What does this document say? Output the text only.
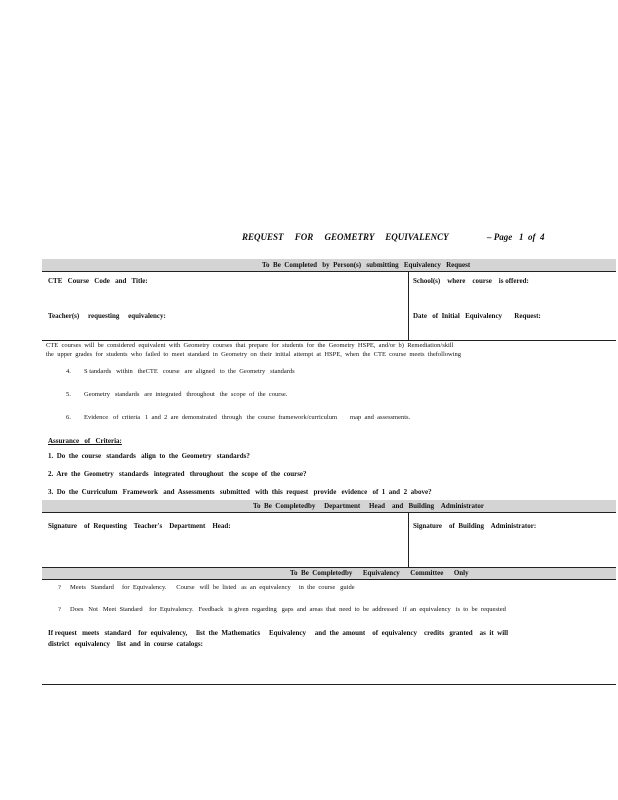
REQUEST     FOR     GEOMETRY     EQUIVALENCY	– Page   1  of  4
To  Be  Completed   by  Person(s)   submitting   Equivalency   Request
CTE   Course   Code   and   Title:	School(s)    where    course    is offered:
Teacher(s)     requesting     equivalency:	Date   of  Initial   Equivalency       Request:
CTE  courses  will  be  considered  equivalent  with  Geometry  courses  that  prepare  for  students  for  the  Geometry  HSPE,  and/or  b)  Remediation/skill
the  upper  grades  for  students  who  failed  to  meet  standard  in  Geometry  on  their  initial  attempt  at  HSPE,  when  the  CTE  course  meets  thefollowing
4. S tandards   within   theCTE   course   are  aligned   to  the  Geometry   standards
5. Geometry   standards   are  integrated   throughout   the  scope  of  the  course.
6. Evidence   of  criteria   1  and  2  are  demonstrated   through   the  course  framework/curriculum        map  and  assessments.
Assurance   of   Criteria:
1.  Do  the  course   standards   align  to  the  Geometry   standards?
2.  Are  the  Geometry   standards   integrated   throughout   the  scope  of  the  course?
3.  Do  the  Curriculum   Framework   and  Assessments   submitted   with  this  request   provide   evidence   of  1  and  2  above?
To  Be  Completedby     Department     Head    and   Building    Administrator
Signature    of  Requesting    Teacher's    Department    Head:	Signature    of  Building    Administrator:
To  Be  Completedby      Equivalency      Committee      Only
? Meets   Standard     for  Equivalency.      Course   will  be  listed   as  an  equivalency     in  the  course   guide
? Does   Not   Meet  Standard    for  Equivalency.   Feedback   is given  regarding   gaps  and  areas  that  need  to  be  addressed   if  an  equivalency   is  to  be  requested
If request   meets   standard    for  equivalency,     list  the  Mathematics     Equivalency     and  the  amount    of  equivalency    credits   granted    as  it  will
district   equivalency    list  and  in  course  catalogs:
